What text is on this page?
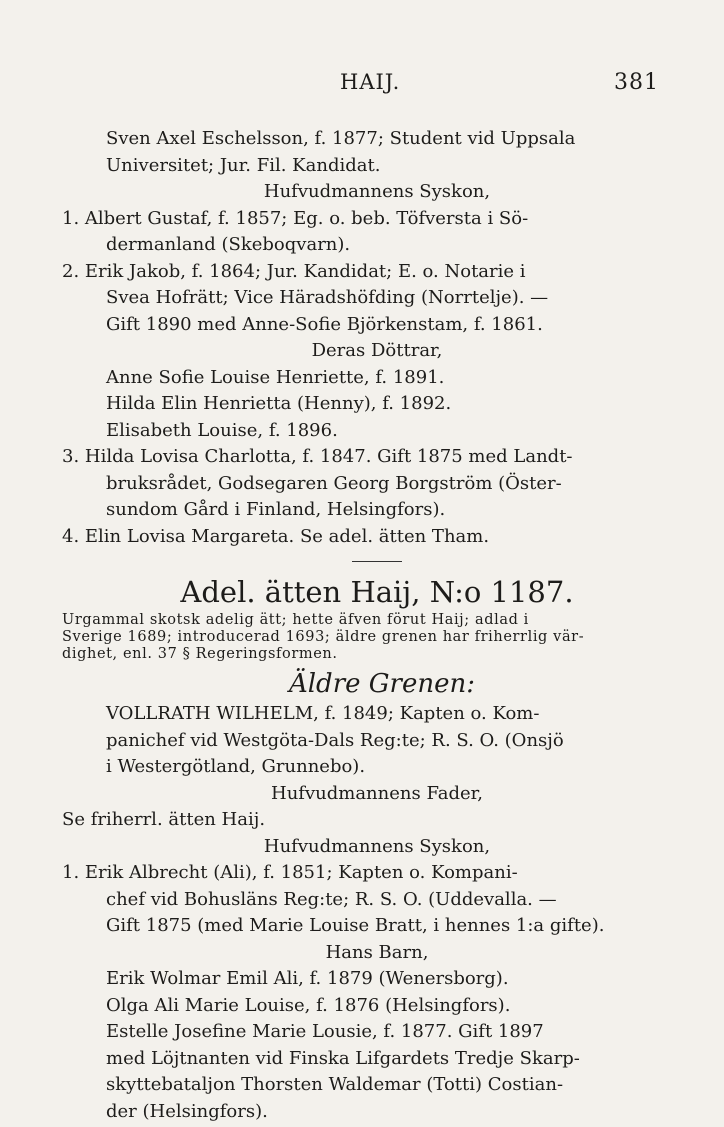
HAIJ.	381
Sven Axel Eschelsson, f. 1877; Student vid Uppsala
Universitet; Jur. Fil. Kandidat.
Hufvudmannens Syskon,
1. Albert Gustaf, f. 1857; Eg. o. beb. Töfversta i Sö-
dermanland (Skeboqvarn).
2. Erik Jakob, f. 1864; Jur. Kandidat; E. o. Notarie i
Svea Hofrätt; Vice Häradshöfding (Norrtelje). —
Gift 1890 med Anne-Sofie Björkenstam, f. 1861.
Deras Döttrar,
Anne Sofie Louise Henriette, f. 1891.
Hilda Elin Henrietta (Henny), f. 1892.
Elisabeth Louise, f. 1896.
3. Hilda Lovisa Charlotta, f. 1847. Gift 1875 med Landt-
bruksrådet, Godsegaren Georg Borgström (Öster-
sundom Gård i Finland, Helsingfors).
4. Elin Lovisa Margareta. Se adel. ätten Tham.
Adel. ätten Haij, N:o 1187.
Urgammal skotsk adelig ätt; hette äfven förut Haij; adlad i
Sverige 1689; introducerad 1693; äldre grenen har friherrlig vär-
dighet, enl. 37 § Regeringsformen.
Äldre Grenen:
VOLLRATH WILHELM, f. 1849; Kapten o. Kom-
panichef vid Westgöta-Dals Reg:te; R. S. O. (Onsjö
i Westergötland, Grunnebo).
Hufvudmannens Fader,
Se friherrl. ätten Haij.
Hufvudmannens Syskon,
1. Erik Albrecht (Ali), f. 1851; Kapten o. Kompani-
chef vid Bohusläns Reg:te; R. S. O. (Uddevalla. —
Gift 1875 (med Marie Louise Bratt, i hennes 1:a gifte).
Hans Barn,
Erik Wolmar Emil Ali, f. 1879 (Wenersborg).
Olga Ali Marie Louise, f. 1876 (Helsingfors).
Estelle Josefine Marie Lousie, f. 1877. Gift 1897
med Löjtnanten vid Finska Lifgardets Tredje Skarp-
skyttebataljon Thorsten Waldemar (Totti) Costian-
der (Helsingfors).
